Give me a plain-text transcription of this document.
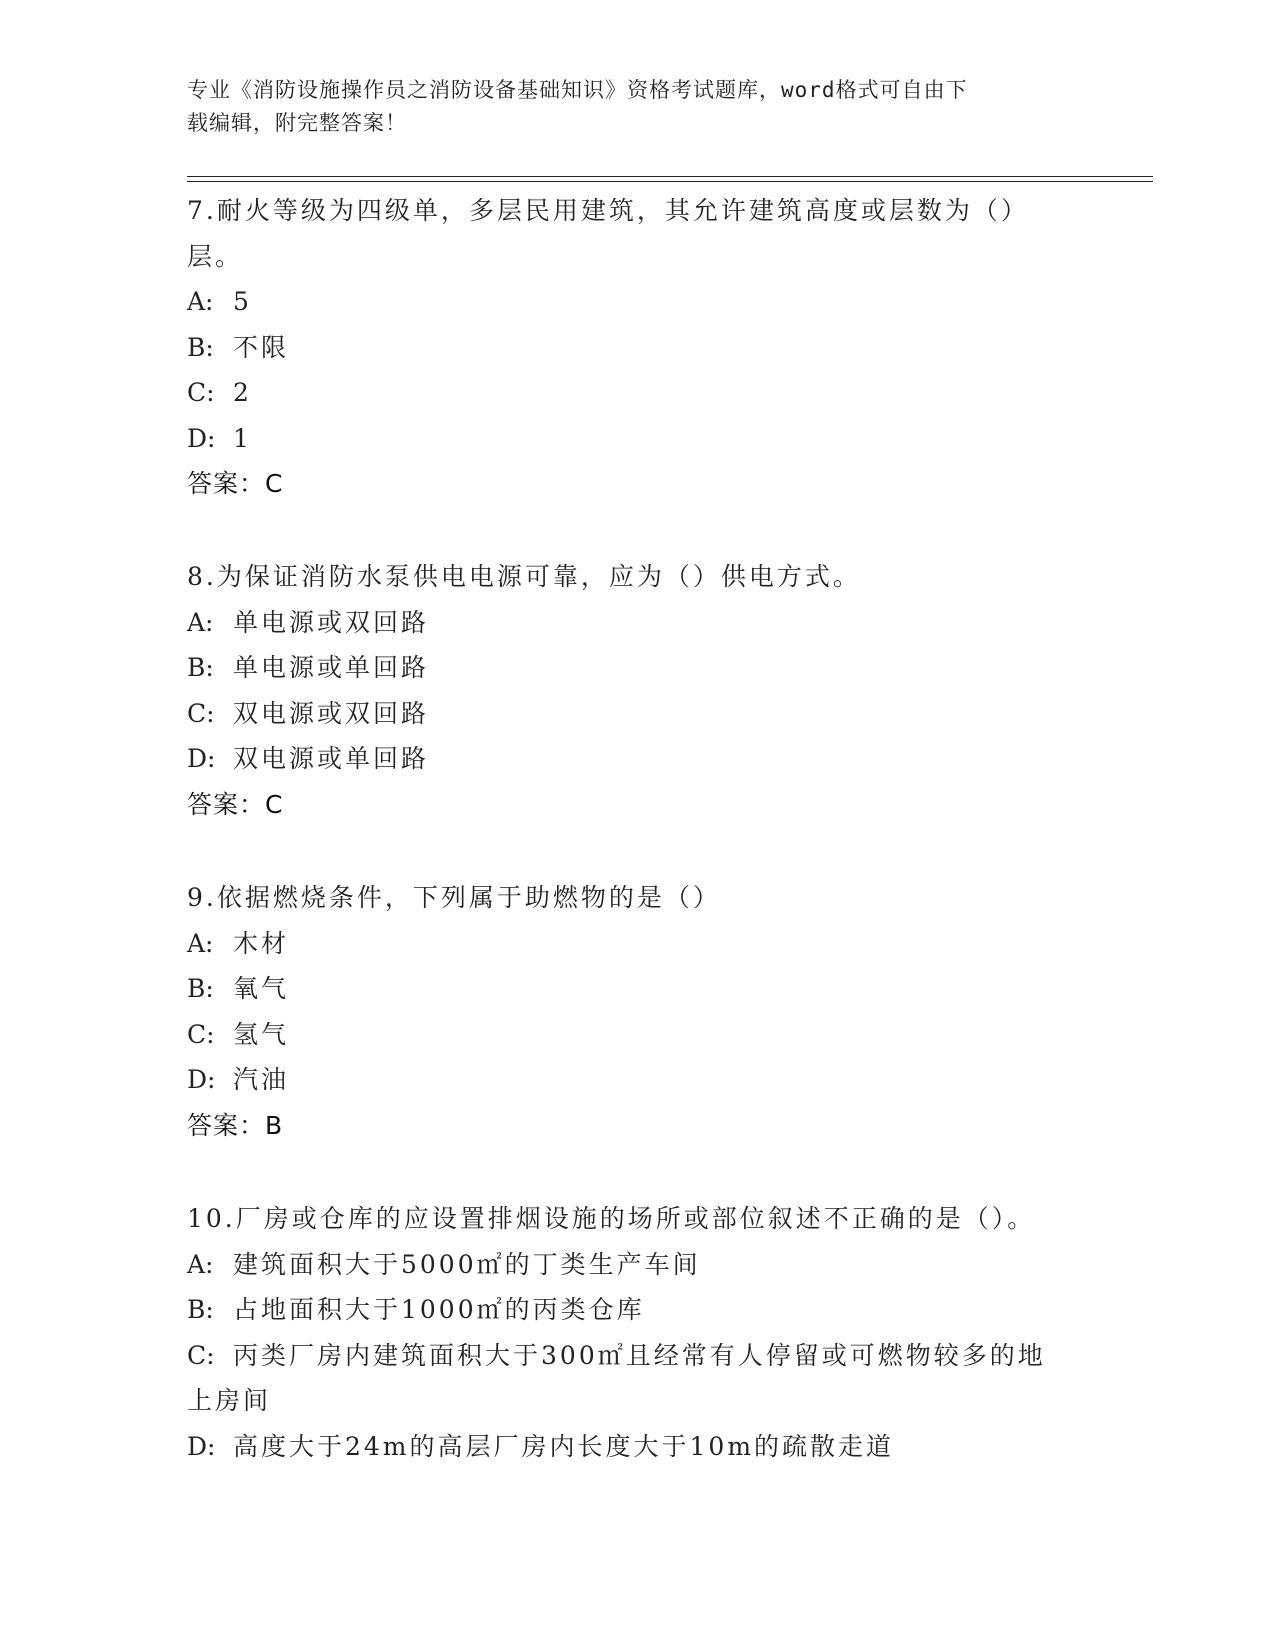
专业《消防设施操作员之消防设备基础知识》资格考试题库，word格式可自由下
载编辑，附完整答案！
7.耐火等级为四级单，多层民用建筑，其允许建筑高度或层数为（）
层。
A: 5
B: 不限
C: 2
D: 1
答案：C
8.为保证消防水泵供电电源可靠，应为（）供电方式。
A: 单电源或双回路
B: 单电源或单回路
C: 双电源或双回路
D: 双电源或单回路
答案：C
9.依据燃烧条件，下列属于助燃物的是（）
A: 木材
B: 氧气
C: 氢气
D: 汽油
答案：B
10.厂房或仓库的应设置排烟设施的场所或部位叙述不正确的是（）。
A: 建筑面积大于5000㎡的丁类生产车间
B: 占地面积大于1000㎡的丙类仓库
C: 丙类厂房内建筑面积大于300㎡且经常有人停留或可燃物较多的地
上房间
D: 高度大于24m的高层厂房内长度大于10m的疏散走道
